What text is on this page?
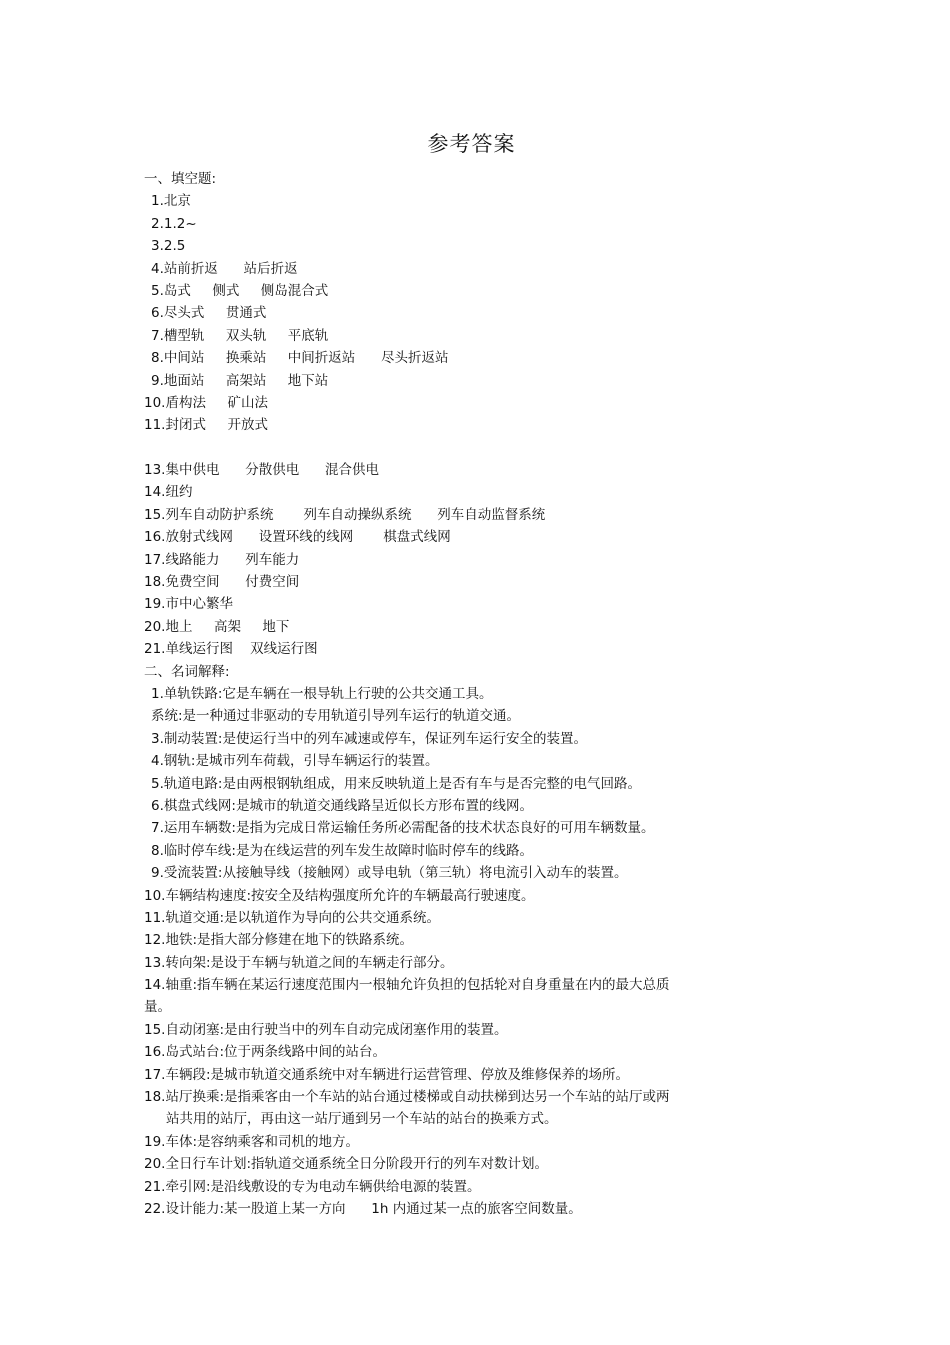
参考答案
一、填空题:
1.北京
2.1.2~
3.2.5
4.站前折返      站后折返
5.岛式     侧式     侧岛混合式
6.尽头式     贯通式
7.槽型轨     双头轨     平底轨
8.中间站     换乘站     中间折返站      尽头折返站
9.地面站     高架站     地下站
10.盾构法     矿山法
11.封闭式     开放式
13.集中供电      分散供电      混合供电
14.纽约
15.列车自动防护系统       列车自动操纵系统      列车自动监督系统
16.放射式线网      设置环线的线网       棋盘式线网
17.线路能力      列车能力
18.免费空间      付费空间
19.市中心繁华
20.地上     高架     地下
21.单线运行图    双线运行图
二、名词解释:
1.单轨铁路:它是车辆在一根导轨上行驶的公共交通工具。
系统:是一种通过非驱动的专用轨道引导列车运行的轨道交通。
3.制动装置:是使运行当中的列车减速或停车，保证列车运行安全的装置。
4.钢轨:是城市列车荷载，引导车辆运行的装置。
5.轨道电路:是由两根钢轨组成，用来反映轨道上是否有车与是否完整的电气回路。
6.棋盘式线网:是城市的轨道交通线路呈近似长方形布置的线网。
7.运用车辆数:是指为完成日常运输任务所必需配备的技术状态良好的可用车辆数量。
8.临时停车线:是为在线运营的列车发生故障时临时停车的线路。
9.受流装置:从接触导线（接触网）或导电轨（第三轨）将电流引入动车的装置。
10.车辆结构速度:按安全及结构强度所允许的车辆最高行驶速度。
11.轨道交通:是以轨道作为导向的公共交通系统。
12.地铁:是指大部分修建在地下的铁路系统。
13.转向架:是设于车辆与轨道之间的车辆走行部分。
14.轴重:指车辆在某运行速度范围内一根轴允许负担的包括轮对自身重量在内的最大总质
量。
15.自动闭塞:是由行驶当中的列车自动完成闭塞作用的装置。
16.岛式站台:位于两条线路中间的站台。
17.车辆段:是城市轨道交通系统中对车辆进行运营管理、停放及维修保养的场所。
18.站厅换乘:是指乘客由一个车站的站台通过楼梯或自动扶梯到达另一个车站的站厅或两
站共用的站厅，再由这一站厅通到另一个车站的站台的换乘方式。
19.车体:是容纳乘客和司机的地方。
20.全日行车计划:指轨道交通系统全日分阶段开行的列车对数计划。
21.牵引网:是沿线敷设的专为电动车辆供给电源的装置。
22.设计能力:某一股道上某一方向      1h 内通过某一点的旅客空间数量。
